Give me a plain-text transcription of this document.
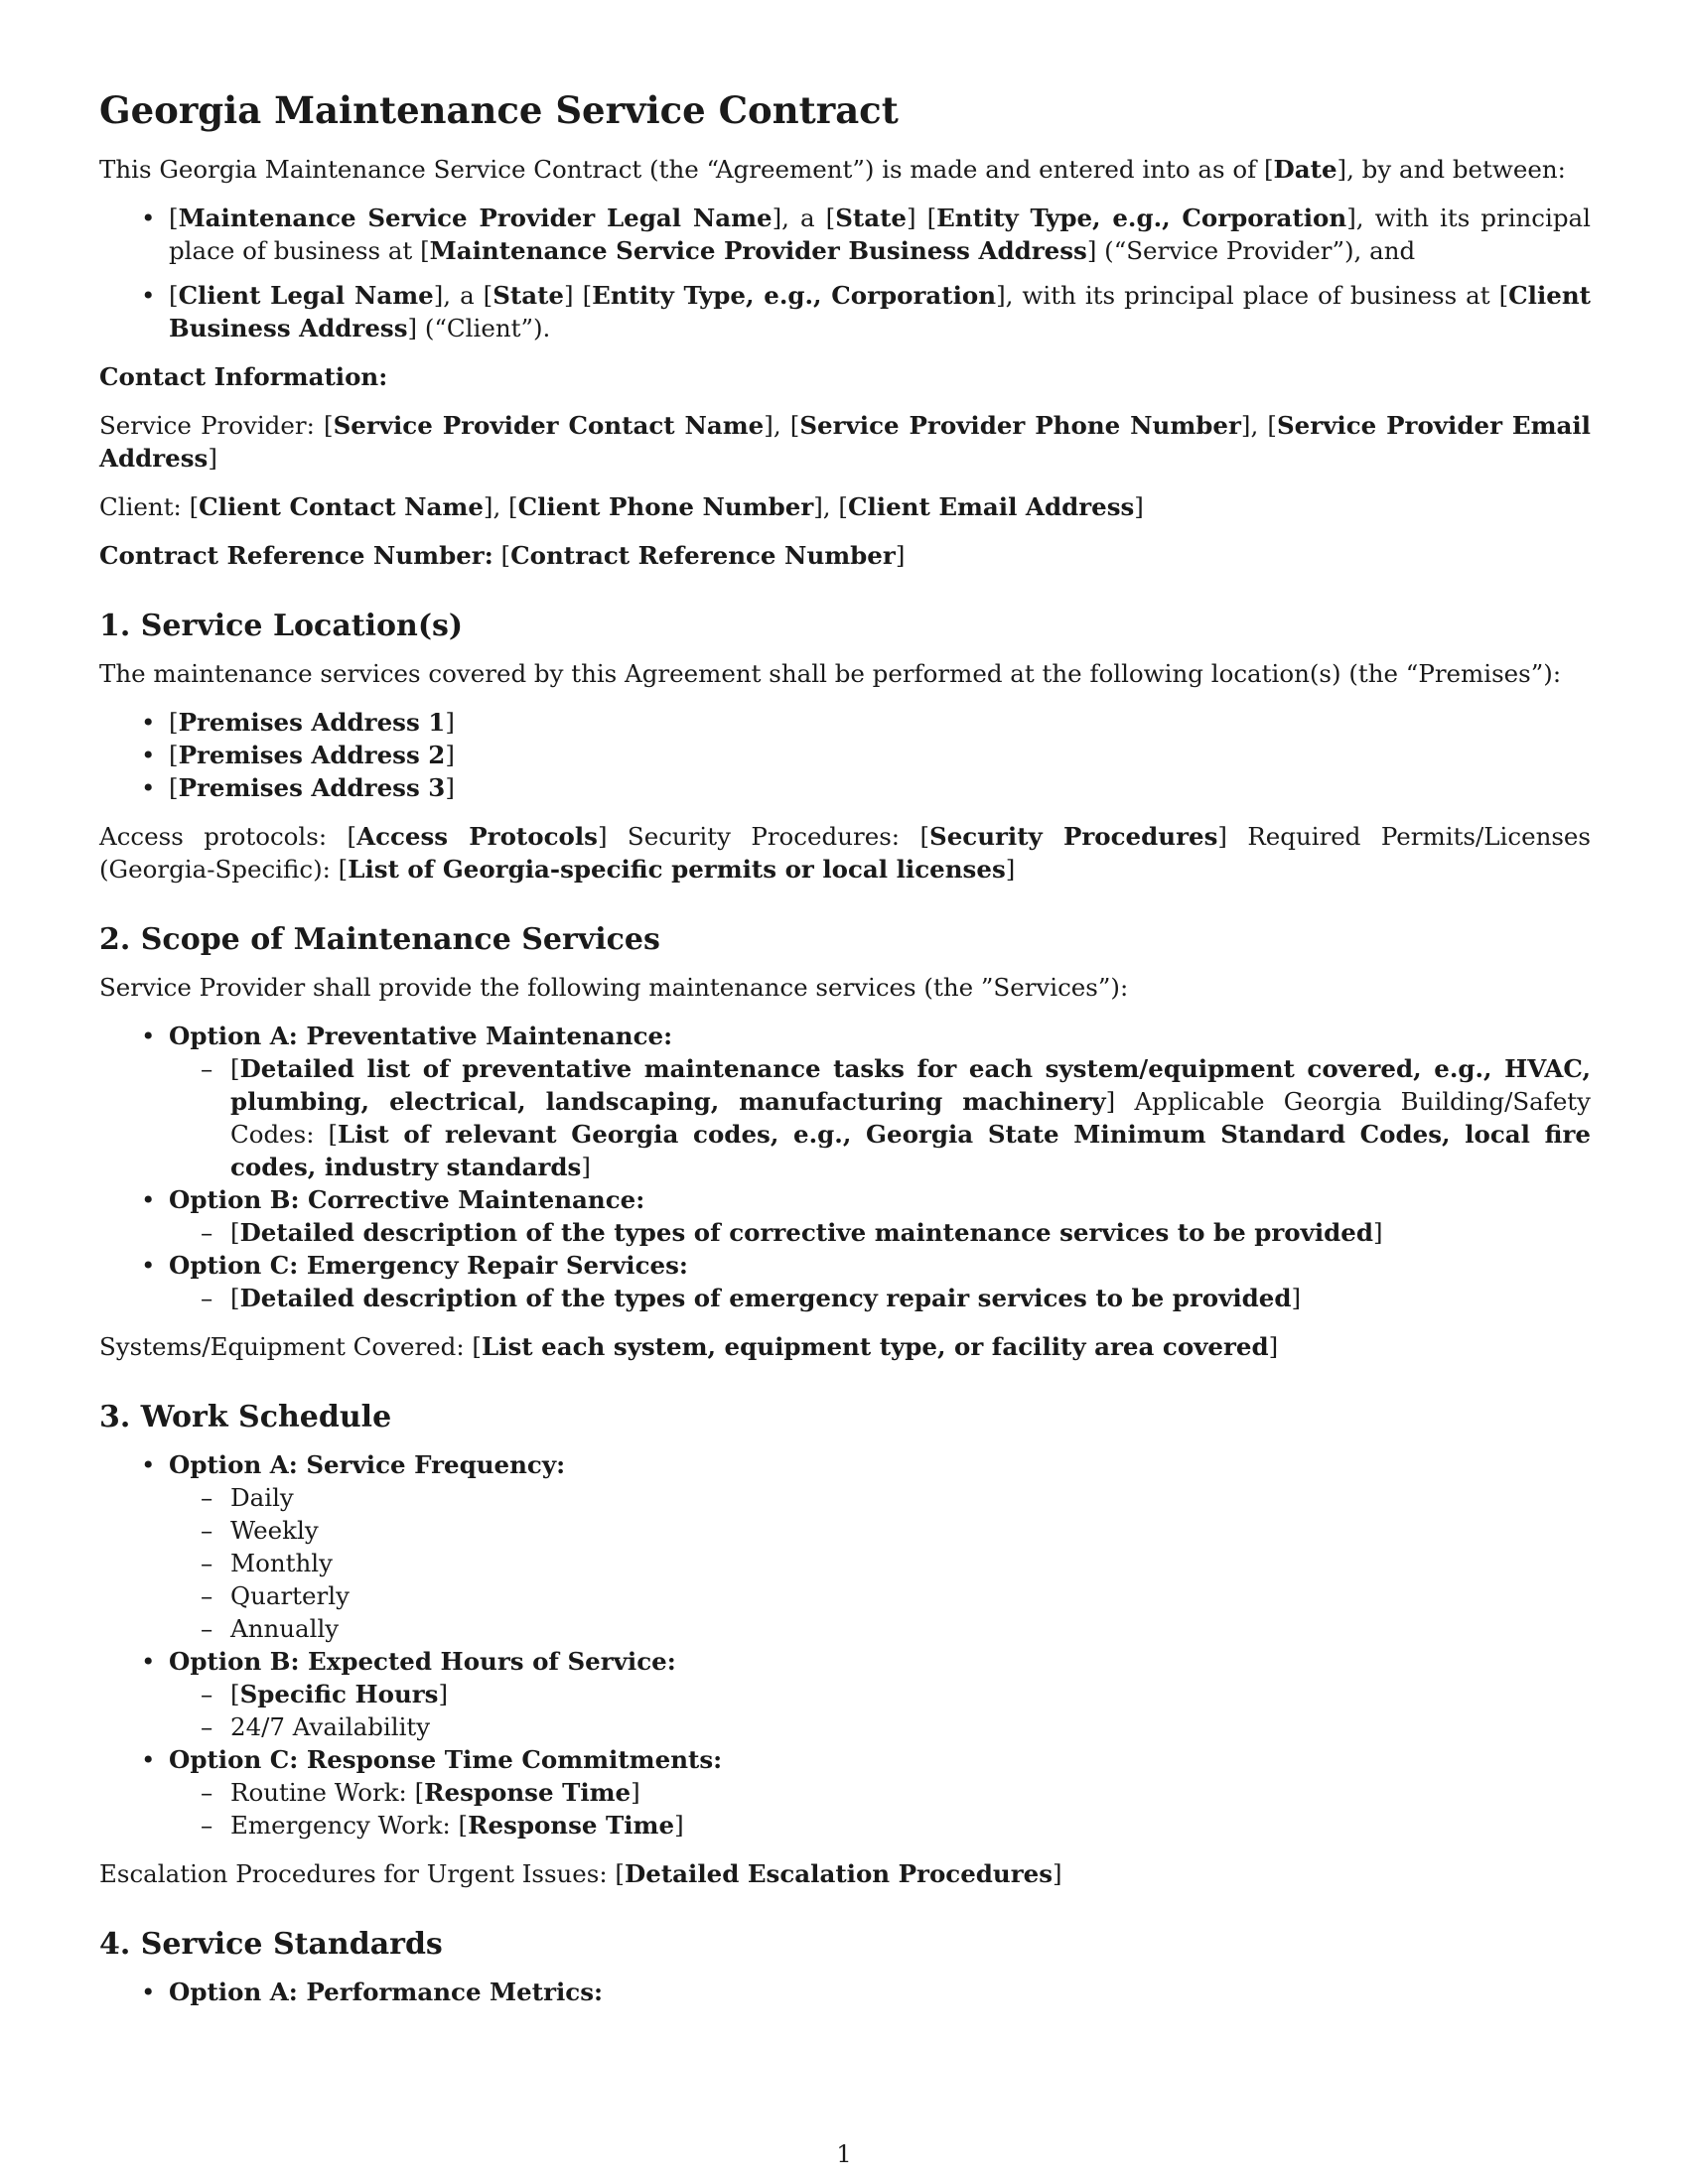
Georgia Maintenance Service Contract

This Georgia Maintenance Service Contract (the “Agreement”) is made and entered into as of [Date], by and between:

• [Maintenance Service Provider Legal Name], a [State] [Entity Type, e.g., Corporation], with its principal place of business at [Maintenance Service Provider Business Address] (“Service Provider”), and
• [Client Legal Name], a [State] [Entity Type, e.g., Corporation], with its principal place of business at [Client Business Address] (“Client”).

Contact Information:

Service Provider: [Service Provider Contact Name], [Service Provider Phone Number], [Service Provider Email Address]

Client: [Client Contact Name], [Client Phone Number], [Client Email Address]

Contract Reference Number: [Contract Reference Number]

1. Service Location(s)

The maintenance services covered by this Agreement shall be performed at the following location(s) (the “Premises”):

• [Premises Address 1]
• [Premises Address 2]
• [Premises Address 3]

Access protocols: [Access Protocols] Security Procedures: [Security Procedures] Required Permits/Licenses (Georgia-Specific): [List of Georgia-specific permits or local licenses]

2. Scope of Maintenance Services

Service Provider shall provide the following maintenance services (the ”Services”):

• Option A: Preventative Maintenance:
– [Detailed list of preventative maintenance tasks for each system/equipment covered, e.g., HVAC, plumbing, electrical, landscaping, manufacturing machinery] Applicable Georgia Building/Safety Codes: [List of relevant Georgia codes, e.g., Georgia State Minimum Standard Codes, local fire codes, industry standards]
• Option B: Corrective Maintenance:
– [Detailed description of the types of corrective maintenance services to be provided]
• Option C: Emergency Repair Services:
– [Detailed description of the types of emergency repair services to be provided]

Systems/Equipment Covered: [List each system, equipment type, or facility area covered]

3. Work Schedule
• Option A: Service Frequency:
– Daily
– Weekly
– Monthly
– Quarterly
– Annually
• Option B: Expected Hours of Service:
– [Specific Hours]
– 24/7 Availability
• Option C: Response Time Commitments:
– Routine Work: [Response Time]
– Emergency Work: [Response Time]

Escalation Procedures for Urgent Issues: [Detailed Escalation Procedures]

4. Service Standards
• Option A: Performance Metrics:
1
